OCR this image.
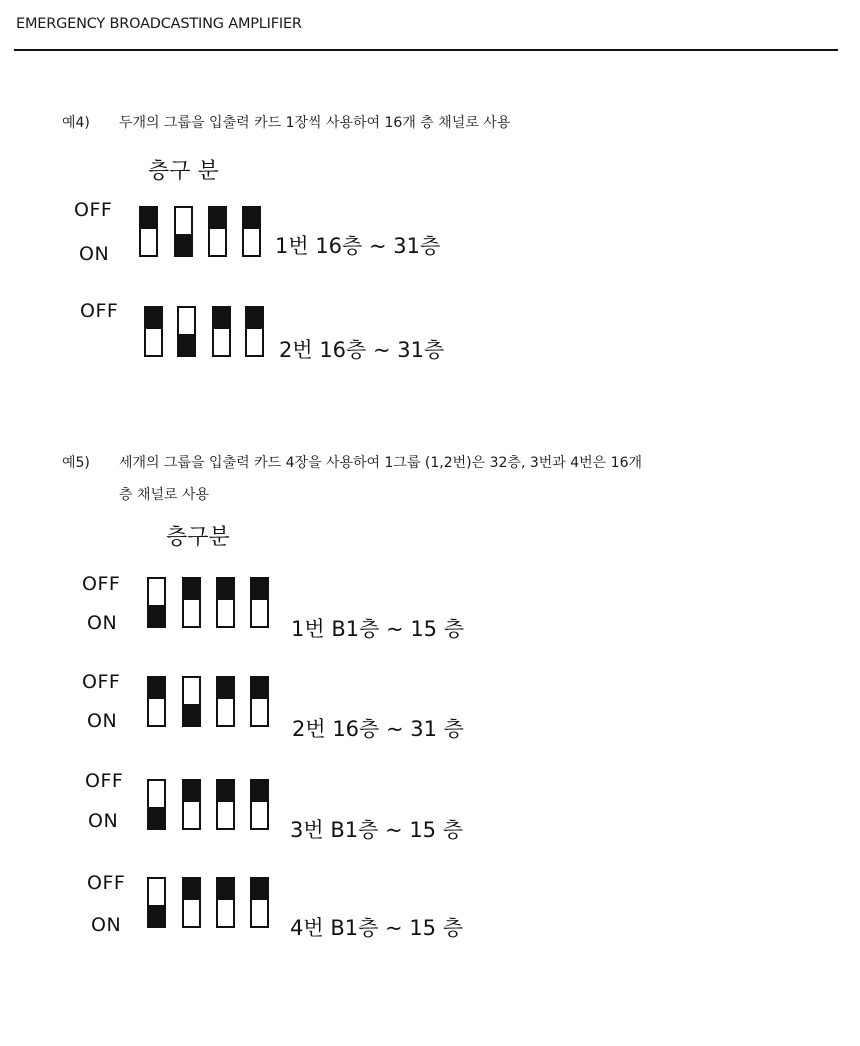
EMERGENCY BROADCASTING AMPLIFIER
예4) 두개의 그룹을 입출력 카드 1장씩 사용하여 16개 층 채널로 사용
층구 분
OFF
ON	1번 16층 ~ 31층
OFF
2번 16층 ~ 31층
예5) 세개의 그룹을 입출력 카드 4장을 사용하여 1그룹 (1,2번)은 32층, 3번과 4번은 16개
층 채널로 사용
층구분
OFF
ON	1번 B1층 ~ 15 층
OFF
ON	2번 16층 ~ 31 층
OFF
ON	3번 B1층 ~ 15 층
OFF
ON	4번 B1층 ~ 15 층
